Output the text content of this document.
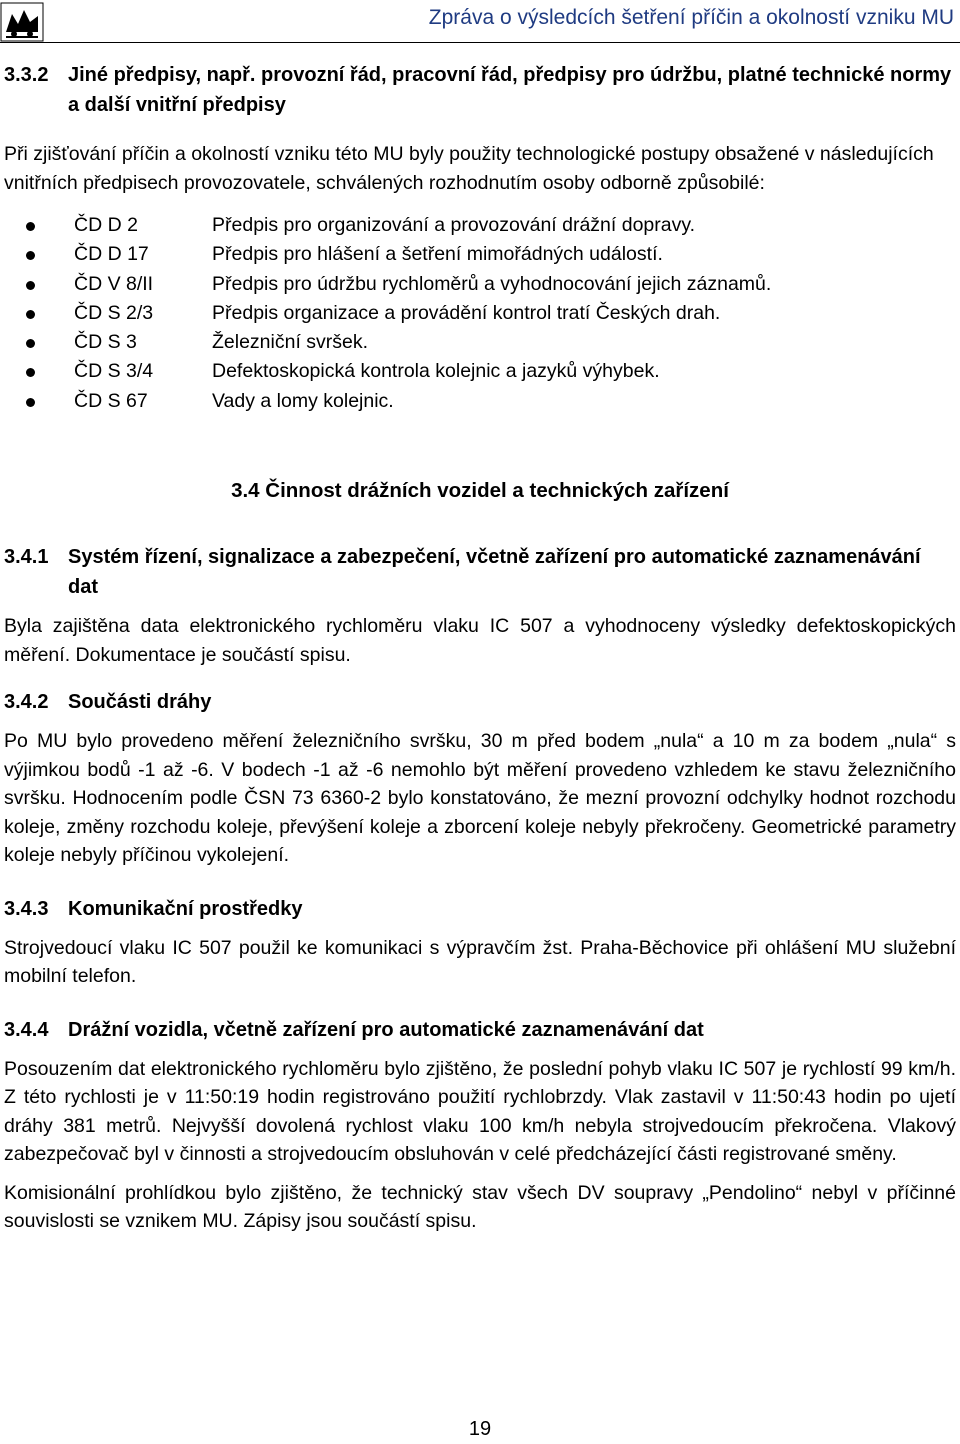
Zpráva o výsledcích šetření příčin a okolností vzniku MU
3.3.2 Jiné předpisy, např. provozní řád, pracovní řád, předpisy pro údržbu, platné technické normy a další vnitřní předpisy

Při zjišťování příčin a okolností vzniku této MU byly použity technologické postupy obsažené v následujících vnitřních předpisech provozovatele, schválených rozhodnutím osoby odborně způsobilé:

ČD D 2	Předpis pro organizování a provozování drážní dopravy.
ČD D 17	Předpis pro hlášení a šetření mimořádných událostí.
ČD V 8/II	Předpis pro údržbu rychloměrů a vyhodnocování jejich záznamů.
ČD S 2/3	Předpis organizace a provádění kontrol tratí Českých drah.
ČD S 3	Železniční svršek.
ČD S 3/4	Defektoskopická kontrola kolejnic a jazyků výhybek.
ČD S 67	Vady a lomy kolejnic.
3.4 Činnost drážních vozidel a technických zařízení
3.4.1 Systém řízení, signalizace a zabezpečení, včetně zařízení pro automatické zaznamenávání dat

Byla zajištěna data elektronického rychloměru vlaku IC 507 a vyhodnoceny výsledky defektoskopických měření. Dokumentace je součástí spisu.

3.4.2 Součásti dráhy

Po MU bylo provedeno měření železničního svršku, 30 m před bodem „nula“ a 10 m za bodem „nula“ s výjimkou bodů -1 až -6. V bodech -1 až -6 nemohlo být měření provedeno vzhledem ke stavu železničního svršku. Hodnocením podle ČSN 73 6360-2 bylo konstatováno, že mezní provozní odchylky hodnot rozchodu koleje, změny rozchodu koleje, převýšení koleje a zborcení koleje nebyly překročeny. Geometrické parametry koleje nebyly příčinou vykolejení.

3.4.3 Komunikační prostředky

Strojvedoucí vlaku IC 507 použil ke komunikaci s výpravčím žst. Praha-Běchovice při ohlášení MU služební mobilní telefon.

3.4.4 Drážní vozidla, včetně zařízení pro automatické zaznamenávání dat

Posouzením dat elektronického rychloměru bylo zjištěno, že poslední pohyb vlaku IC 507 je rychlostí 99 km/h. Z této rychlosti je v 11:50:19 hodin registrováno použití rychlobrzdy. Vlak zastavil v 11:50:43 hodin po ujetí dráhy 381 metrů. Nejvyšší dovolená rychlost vlaku 100 km/h nebyla strojvedoucím překročena. Vlakový zabezpečovač byl v činnosti a strojvedoucím obsluhován v celé předcházející části registrované směny.

Komisionální prohlídkou bylo zjištěno, že technický stav všech DV soupravy „Pendolino“ nebyl v příčinné souvislosti se vznikem MU. Zápisy jsou součástí spisu.

19
